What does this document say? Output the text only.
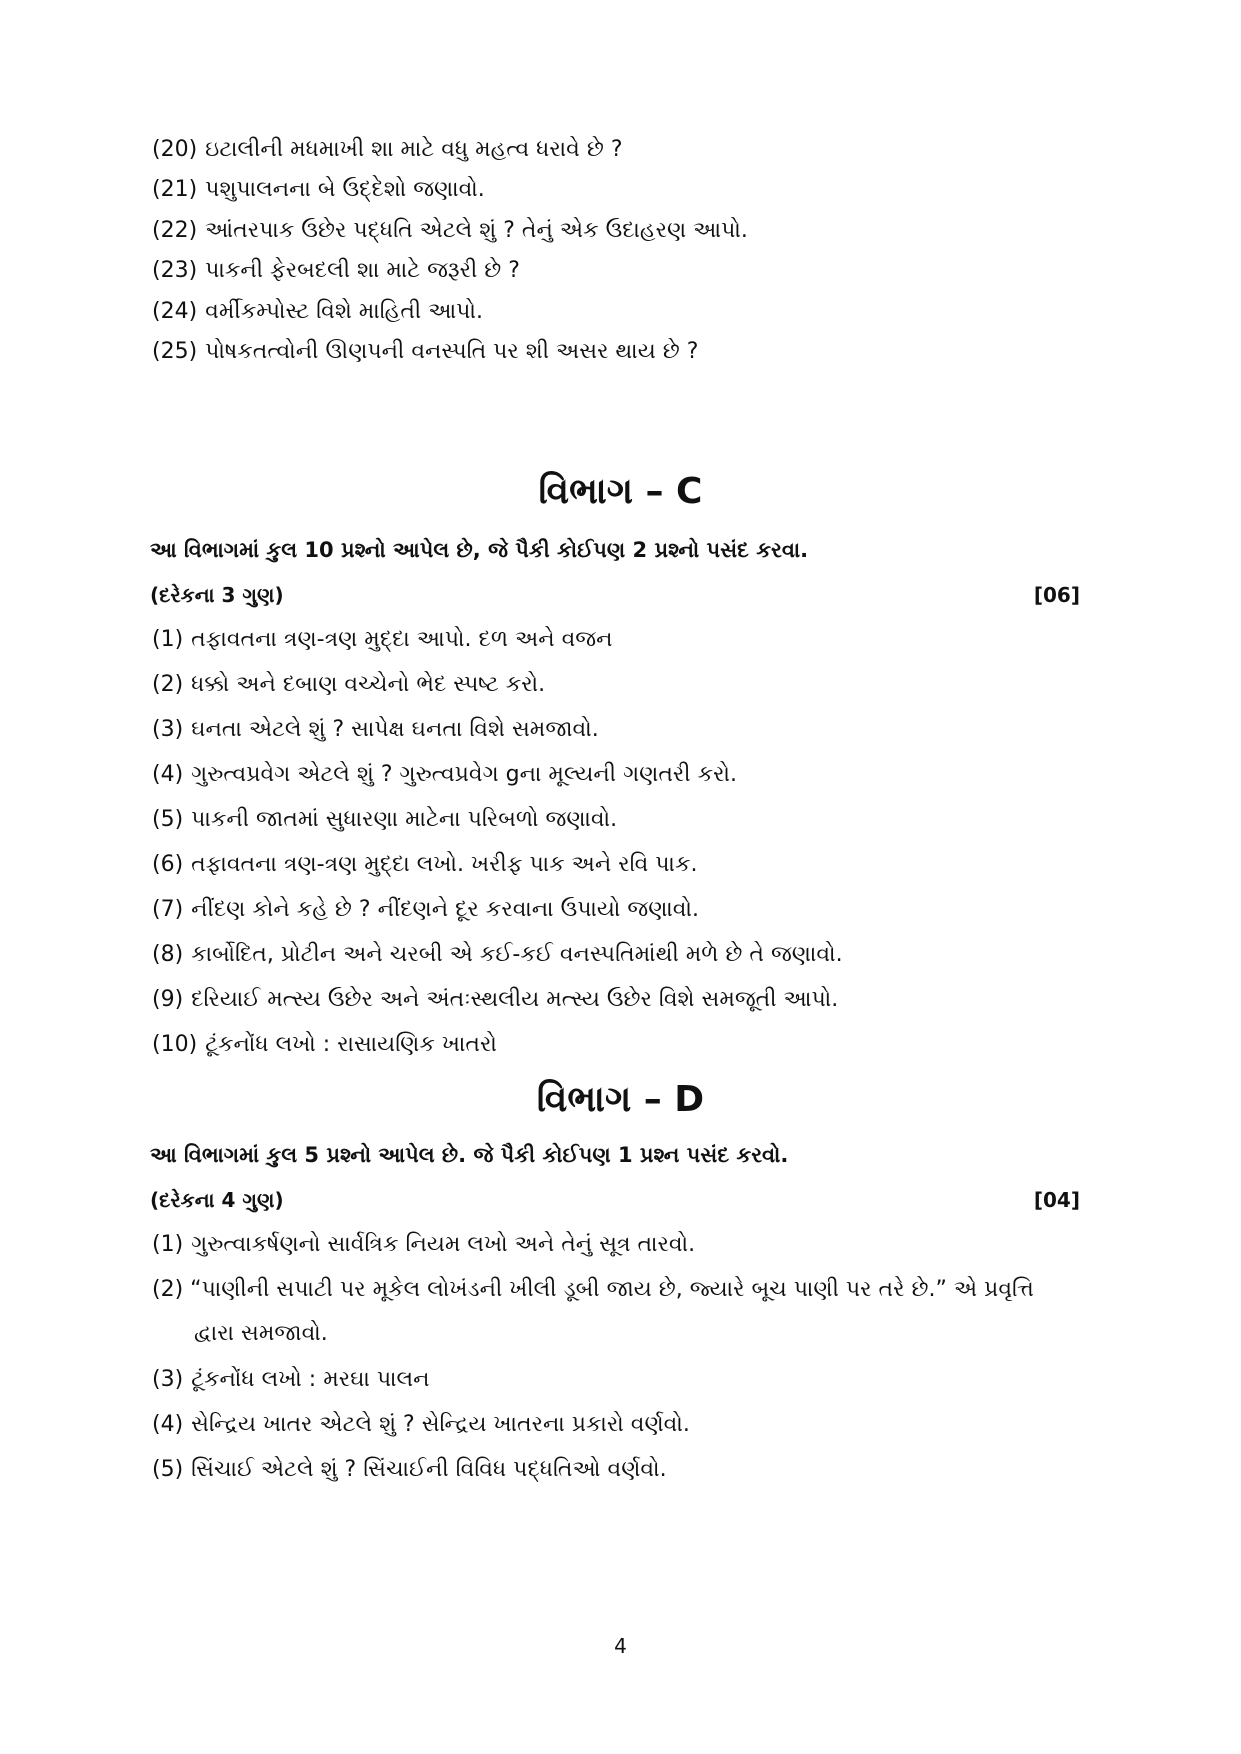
(20) ઇટાલીની મધમાખી શા માટે વધુ મહત્વ ધરાવે છે ?
(21) પશુપાલનના બે ઉદ્દેશો જણાવો.
(22) આંતરપાક ઉછેર પદ્ધતિ એટલે શું ? તેનું એક ઉદાહરણ આપો.
(23) પાકની ફેરબદલી શા માટે જરૂરી છે ?
(24) વર્મીકમ્પોસ્ટ વિશે માહિતી આપો.
(25) પોષકતત્વોની ઊણપની વનસ્પતિ પર શી અસર થાય છે ?
વિભાગ – C
આ વિભાગમાં કુલ 10 પ્રશ્નો આપેલ છે, જે પૈકી કોઈપણ 2 પ્રશ્નો પસંદ કરવા.
(દરેકના 3 ગુણ)	[06]
(1) તફાવતના ત્રણ-ત્રણ મુદ્દા આપો. દળ અને વજન
(2) ધક્કો અને દબાણ વચ્ચેનો ભેદ સ્પષ્ટ કરો.
(3) ઘનતા એટલે શું ? સાપેક્ષ ઘનતા વિશે સમજાવો.
(4) ગુરુત્વપ્રવેગ એટલે શું ? ગુરુત્વપ્રવેગ gના મૂલ્યની ગણતરી કરો.
(5) પાકની જાતમાં સુધારણા માટેના પરિબળો જણાવો.
(6) તફાવતના ત્રણ-ત્રણ મુદ્દા લખો. ખરીફ પાક અને રવિ પાક.
(7) નીંદણ કોને કહે છે ? નીંદણને દૂર કરવાના ઉપાયો જણાવો.
(8) કાર્બોદિત, પ્રોટીન અને ચરબી એ કઈ-કઈ વનસ્પતિમાંથી મળે છે તે જણાવો.
(9) દરિયાઈ મત્સ્ય ઉછેર અને અંતઃસ્થલીય મત્સ્ય ઉછેર વિશે સમજૂતી આપો.
(10) ટૂંકનોંધ લખો : રાસાયણિક ખાતરો
વિભાગ – D
આ વિભાગમાં કુલ 5 પ્રશ્નો આપેલ છે. જે પૈકી કોઈપણ 1 પ્રશ્ન પસંદ કરવો.
(દરેકના 4 ગુણ)	[04]
(1) ગુરુત્વાકર્ષણનો સાર્વત્રિક નિયમ લખો અને તેનું સૂત્ર તારવો.
(2) “પાણીની સપાટી પર મૂકેલ લોખંડની ખીલી ડૂબી જાય છે, જ્યારે બૂચ પાણી પર તરે છે.” એ પ્રવૃત્તિ
દ્વારા સમજાવો.
(3) ટૂંકનોંધ લખો : મરઘા પાલન
(4) સેન્દ્રિય ખાતર એટલે શું ? સેન્દ્રિય ખાતરના પ્રકારો વર્ણવો.
(5) સિંચાઈ એટલે શું ? સિંચાઈની વિવિધ પદ્ધતિઓ વર્ણવો.
4
